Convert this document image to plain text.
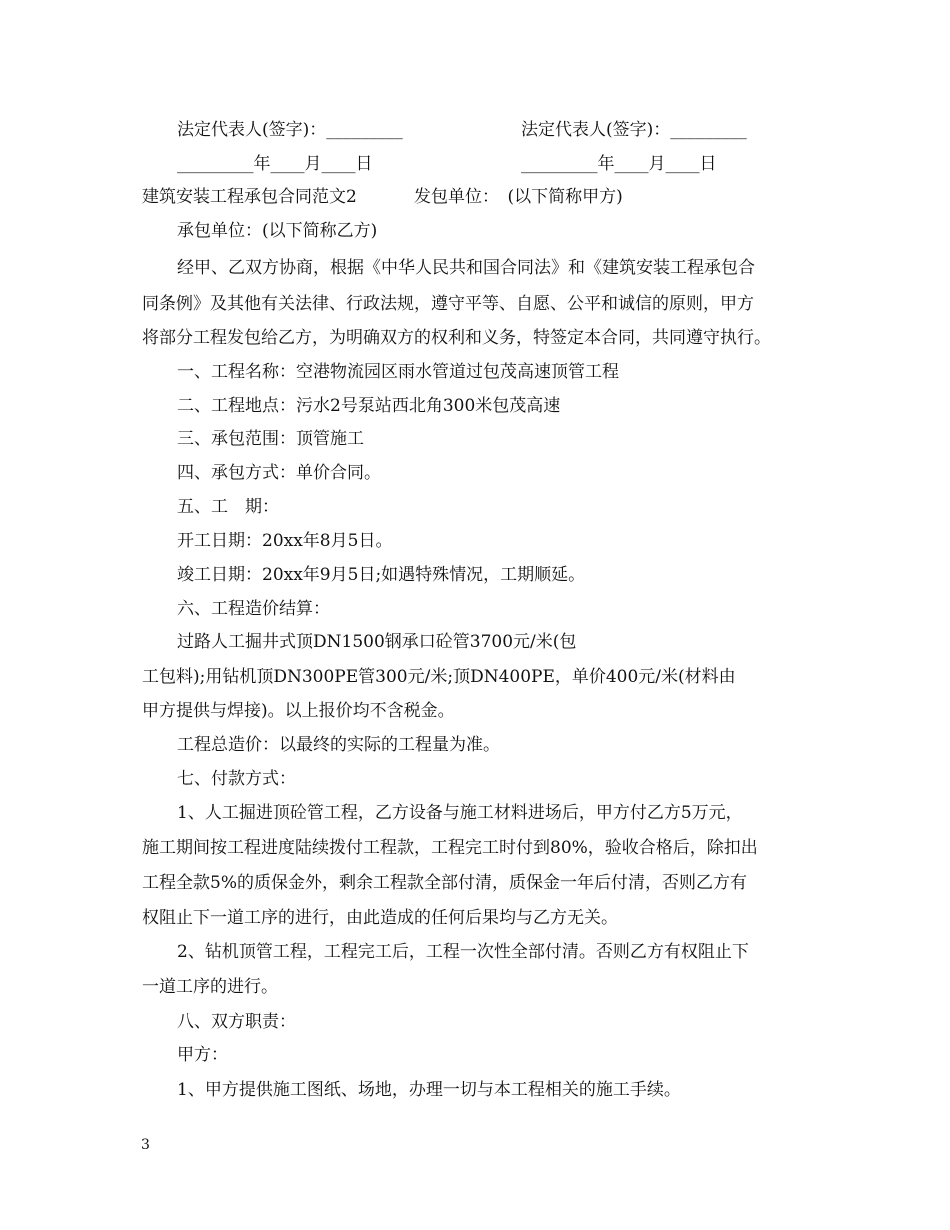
法定代表人(签字)：_________	法定代表人(签字)：_________
_________年____月____日	_________年____月____日
建筑安装工程承包合同范文2	发包单位：　(以下简称甲方)
承包单位：(以下简称乙方)
经甲、乙双方协商，根据《中华人民共和国合同法》和《建筑安装工程承包合
同条例》及其他有关法律、行政法规，遵守平等、自愿、公平和诚信的原则，甲方
将部分工程发包给乙方，为明确双方的权利和义务，特签定本合同，共同遵守执行。
一、工程名称：空港物流园区雨水管道过包茂高速顶管工程
二、工程地点：污水2号泵站西北角300米包茂高速
三、承包范围：顶管施工
四、承包方式：单价合同。
五、工　期：
开工日期：20xx年8月5日。
竣工日期：20xx年9月5日;如遇特殊情况，工期顺延。
六、工程造价结算：
过路人工掘井式顶DN1500钢承口砼管3700元/米(包
工包料);用钻机顶DN300PE管300元/米;顶DN400PE，单价400元/米(材料由
甲方提供与焊接)。以上报价均不含税金。
工程总造价：以最终的实际的工程量为准。
七、付款方式：
1、人工掘进顶砼管工程，乙方设备与施工材料进场后，甲方付乙方5万元，
施工期间按工程进度陆续拨付工程款，工程完工时付到80%，验收合格后，除扣出
工程全款5%的质保金外，剩余工程款全部付清，质保金一年后付清，否则乙方有
权阻止下一道工序的进行，由此造成的任何后果均与乙方无关。
2、钻机顶管工程，工程完工后，工程一次性全部付清。否则乙方有权阻止下
一道工序的进行。
八、双方职责：
甲方：
1、甲方提供施工图纸、场地，办理一切与本工程相关的施工手续。
3
